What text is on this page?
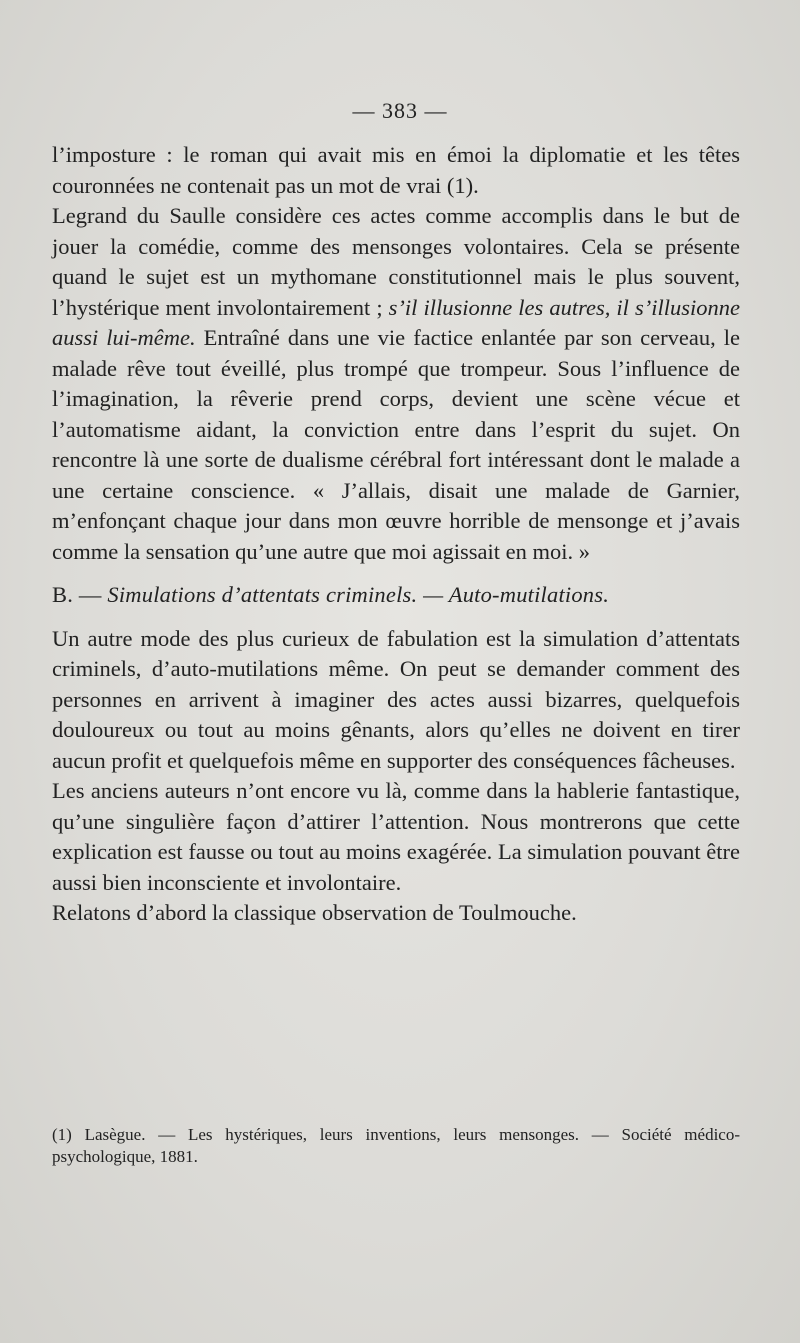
— 383 —

l’imposture : le roman qui avait mis en émoi la diplomatie et les têtes couronnées ne contenait pas un mot de vrai (1).

Legrand du Saulle considère ces actes comme accomplis dans le but de jouer la comédie, comme des mensonges volontaires. Cela se présente quand le sujet est un mythomane constitutionnel mais le plus souvent, l’hystérique ment involontairement ; s’il illusionne les autres, il s’illusionne aussi lui-même. Entraîné dans une vie factice enlantée par son cerveau, le malade rêve tout éveillé, plus trompé que trompeur. Sous l’influence de l’imagination, la rêverie prend corps, devient une scène vécue et l’automatisme aidant, la conviction entre dans l’esprit du sujet. On rencontre là une sorte de dualisme cérébral fort intéressant dont le malade a une certaine conscience. « J’allais, disait une malade de Garnier, m’enfonçant chaque jour dans mon œuvre horrible de mensonge et j’avais comme la sensation qu’une autre que moi agissait en moi. »

B. — Simulations d’attentats criminels. — Auto-mutilations.

Un autre mode des plus curieux de fabulation est la simulation d’attentats criminels, d’auto-mutilations même. On peut se demander comment des personnes en arrivent à imaginer des actes aussi bizarres, quelquefois douloureux ou tout au moins gênants, alors qu’elles ne doivent en tirer aucun profit et quelquefois même en supporter des conséquences fâcheuses.

Les anciens auteurs n’ont encore vu là, comme dans la hablerie fantastique, qu’une singulière façon d’attirer l’attention. Nous montrerons que cette explication est fausse ou tout au moins exagérée. La simulation pouvant être aussi bien inconsciente et involontaire.

Relatons d’abord la classique observation de Toulmouche.

(1) Lasègue. — Les hystériques, leurs inventions, leurs mensonges. — Société médico-psychologique, 1881.
